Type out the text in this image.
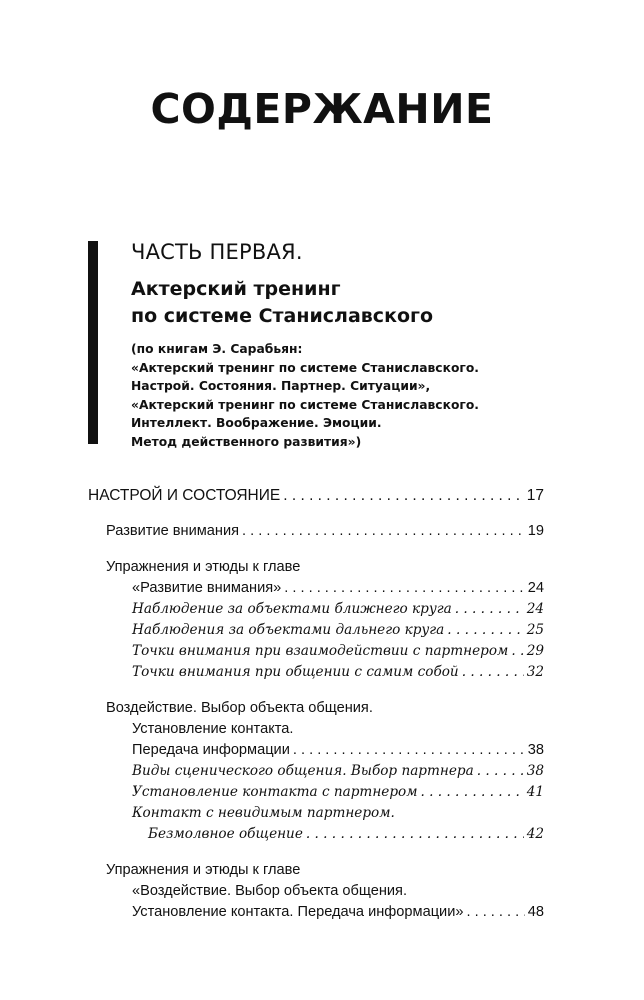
СОДЕРЖАНИЕ
ЧАСТЬ ПЕРВАЯ.
Актерский тренинг
по системе Станиславского
(по книгам Э. Сарабьян:
«Актерский тренинг по системе Станиславского.
Настрой. Состояния. Партнер. Ситуации»,
«Актерский тренинг по системе Станиславского.
Интеллект. Воображение. Эмоции.
Метод действенного развития»)
НАСТРОЙ И СОСТОЯНИЕ . . .	17
Развитие внимания . . .	19
Упражнения и этюды к главе
«Развитие внимания» . . .	24
Наблюдение за объектами ближнего круга . . .	24
Наблюдения за объектами дальнего круга . . .	25
Точки внимания при взаимодействии с партнером . . . 29
Точки внимания при общении с самим собой . . .	32
Воздействие. Выбор объекта общения.
Установление контакта.
Передача информации . . .	38
Виды сценического общения. Выбор партнера . . .	38
Установление контакта с партнером . . .	41
Контакт с невидимым партнером.
Безмолвное общение . . .	42
Упражнения и этюды к главе
«Воздействие. Выбор объекта общения.
Установление контакта. Передача информации» . . .	48
